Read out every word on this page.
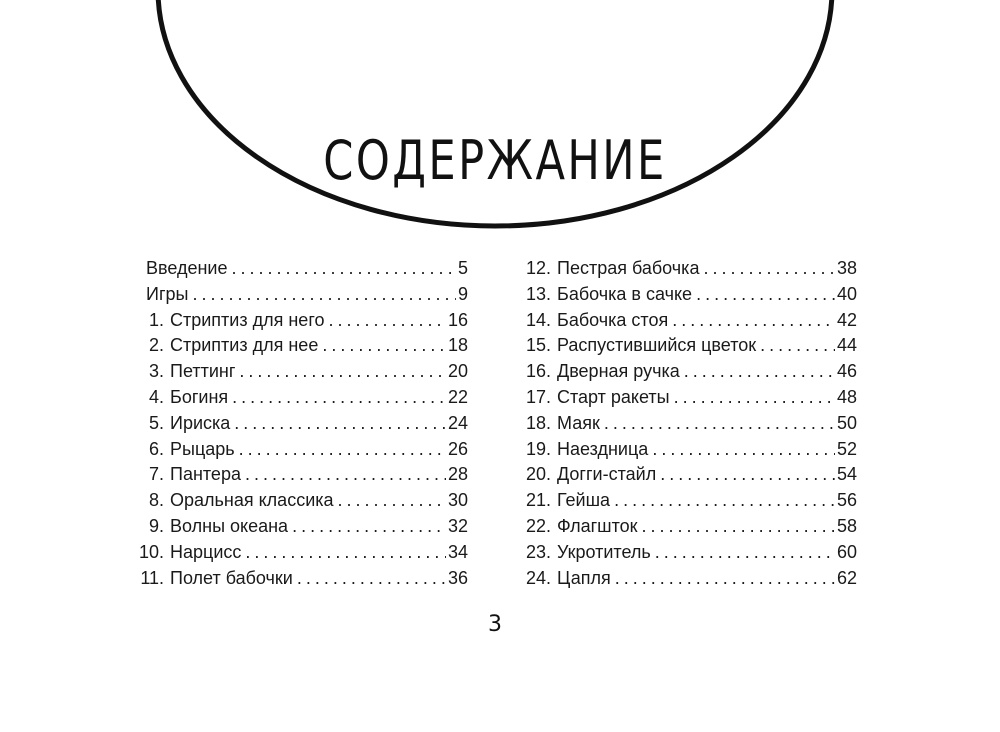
СОДЕРЖАНИЕ
Введение . . .	5
Игры . . .	9
1. Стриптиз для него . . .	16
2. Стриптиз для нее . . .	18
3. Петтинг . . .	20
4. Богиня . . .	22
5. Ириска . . .	24
6. Рыцарь . . .	26
7. Пантера . . .	28
8. Оральная классика . . .	30
9. Волны океана . . .	32
10. Нарцисс . . .	34
11. Полет бабочки . . .	36
12. Пестрая бабочка . . .	38
13. Бабочка в сачке . . .	40
14. Бабочка стоя . . .	42
15. Распустившийся цветок . . .	44
16. Дверная ручка . . .	46
17. Старт ракеты . . .	48
18. Маяк . . .	50
19. Наездница . . .	52
20. Догги-стайл . . .	54
21. Гейша . . .	56
22. Флагшток . . .	58
23. Укротитель . . .	60
24. Цапля . . .	62
3
